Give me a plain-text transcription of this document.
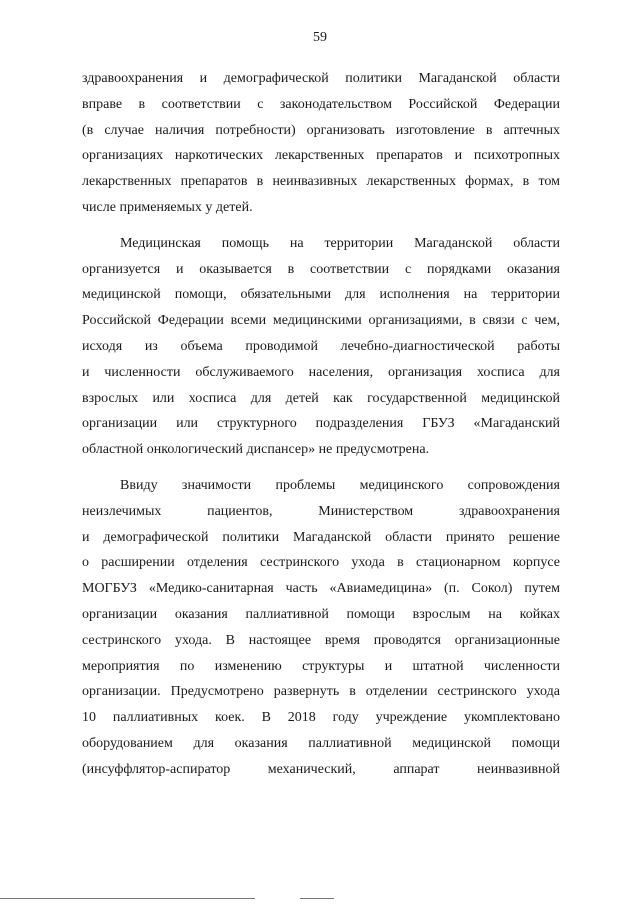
59

здравоохранения и демографической политики Магаданской области
вправе в соответствии с законодательством Российской Федерации
(в случае наличия потребности) организовать изготовление в аптечных
организациях наркотических лекарственных препаратов и психотропных
лекарственных препаратов в неинвазивных лекарственных формах, в том
числе применяемых у детей.

Медицинская помощь на территории Магаданской области
организуется и оказывается в соответствии с порядками оказания
медицинской помощи, обязательными для исполнения на территории
Российской Федерации всеми медицинскими организациями, в связи с чем,
исходя из объема проводимой лечебно-диагностической работы
и численности обслуживаемого населения, организация хосписа для
взрослых или хосписа для детей как государственной медицинской
организации или структурного подразделения ГБУЗ «Магаданский
областной онкологический диспансер» не предусмотрена.

Ввиду значимости проблемы медицинского сопровождения
неизлечимых пациентов, Министерством здравоохранения
и демографической политики Магаданской области принято решение
о расширении отделения сестринского ухода в стационарном корпусе
МОГБУЗ «Медико-санитарная часть «Авиамедицина» (п. Сокол) путем
организации оказания паллиативной помощи взрослым на койках
сестринского ухода. В настоящее время проводятся организационные
мероприятия по изменению структуры и штатной численности
организации. Предусмотрено развернуть в отделении сестринского ухода
10 паллиативных коек. В 2018 году учреждение укомплектовано
оборудованием для оказания паллиативной медицинской помощи
(инсуффлятор-аспиратор механический, аппарат неинвазивной
